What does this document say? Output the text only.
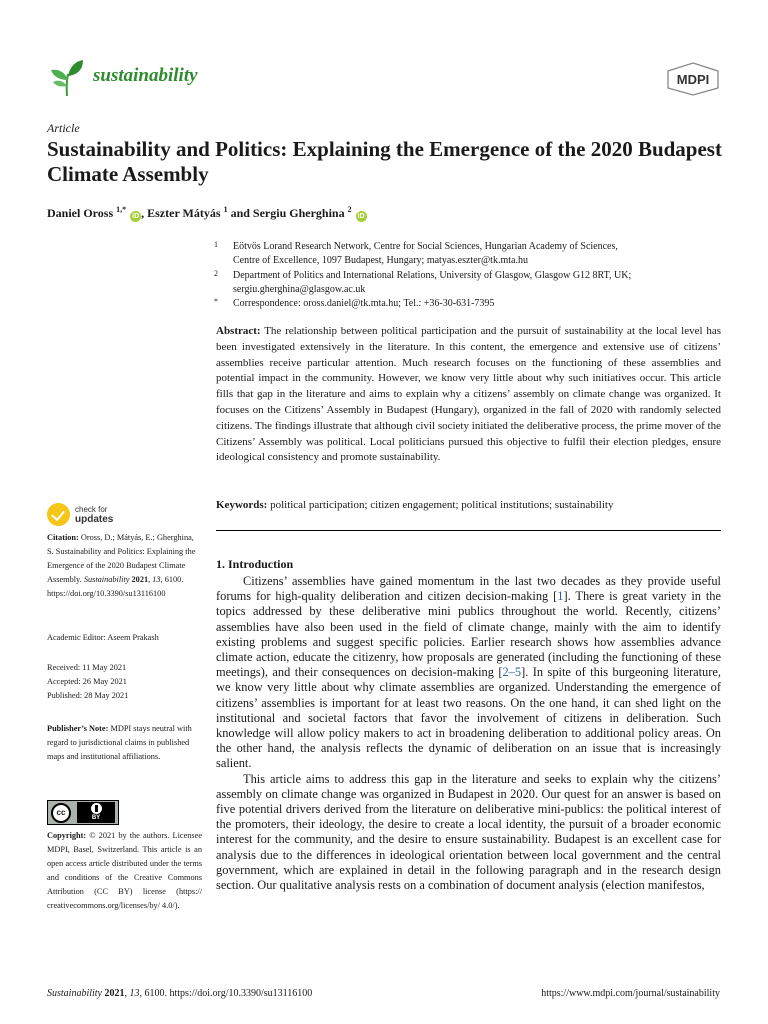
sustainability	MDPI
Article
Sustainability and Politics: Explaining the Emergence of the 2020 Budapest Climate Assembly
Daniel Oross $^{1,*}$ iD , Eszter Mátyás $^1$ and Sergiu Gherghina $^2$ iD
1 Eötvös Lorand Research Network, Centre for Social Sciences, Hungarian Academy of Sciences,
Centre of Excellence, 1097 Budapest, Hungary; matyas.eszter@tk.mta.hu
2 Department of Politics and International Relations, University of Glasgow, Glasgow G12 8RT, UK;
sergiu.gherghina@glasgow.ac.uk
* Correspondence: oross.daniel@tk.mta.hu; Tel.: +36-30-631-7395
Abstract: The relationship between political participation and the pursuit of sustainability at the local level has been investigated extensively in the literature. In this content, the emergence and extensive use of citizens’ assemblies receive particular attention. Much research focuses on the functioning of these assemblies and potential impact in the community. However, we know very little about why such initiatives occur. This article fills that gap in the literature and aims to explain why a citizens’ assembly on climate change was organized. It focuses on the Citizens’ Assembly in Budapest (Hungary), organized in the fall of 2020 with randomly selected citizens. The findings illustrate that although civil society initiated the deliberative process, the prime mover of the Citizens’ Assembly was political. Local politicians pursued this objective to fulfil their election pledges, ensure ideological consistency and promote sustainability.
Keywords: political participation; citizen engagement; political institutions; sustainability
check for
updates
Citation: Oross, D.; Mátyás, E.; Gherghina, S. Sustainability and Politics: Explaining the Emergence of the 2020 Budapest Climate Assembly. Sustainability 2021, 13, 6100. https://doi.org/10.3390/su13116100
Academic Editor: Aseem Prakash
Received: 11 May 2021
Accepted: 26 May 2021
Published: 28 May 2021
Publisher’s Note: MDPI stays neutral with regard to jurisdictional claims in published maps and institutional affiliations.
cc
BY
Copyright: © 2021 by the authors. Licensee MDPI, Basel, Switzerland. This article is an open access article distributed under the terms and conditions of the Creative Commons Attribution (CC BY) license (https:// creativecommons.org/licenses/by/ 4.0/).
1. Introduction

Citizens’ assemblies have gained momentum in the last two decades as they provide useful forums for high-quality deliberation and citizen decision-making [1]. There is great variety in the topics addressed by these deliberative mini publics throughout the world. Recently, citizens’ assemblies have also been used in the field of climate change, mainly with the aim to identify existing problems and suggest specific policies. Earlier research shows how assemblies advance climate action, educate the citizenry, how proposals are generated (including the functioning of these meetings), and their consequences on decision-making [2–5]. In spite of this burgeoning literature, we know very little about why climate assemblies are organized. Understanding the emergence of citizens’ assemblies is important for at least two reasons. On the one hand, it can shed light on the institutional and societal factors that favor the involvement of citizens in deliberation. Such knowledge will allow policy makers to act in broadening deliberation to additional policy areas. On the other hand, the analysis reflects the dynamic of deliberation on an issue that is increasingly salient.

This article aims to address this gap in the literature and seeks to explain why the citizens’ assembly on climate change was organized in Budapest in 2020. Our quest for an answer is based on five potential drivers derived from the literature on deliberative mini-publics: the political interest of the promoters, their ideology, the desire to create a local identity, the pursuit of a broader economic interest for the community, and the desire to ensure sustainability. Budapest is an excellent case for analysis due to the differences in ideological orientation between local government and the central government, which are explained in detail in the following paragraph and in the research design section. Our qualitative analysis rests on a combination of document analysis (election manifestos,

Sustainability 2021, 13, 6100. https://doi.org/10.3390/su13116100	https://www.mdpi.com/journal/sustainability
